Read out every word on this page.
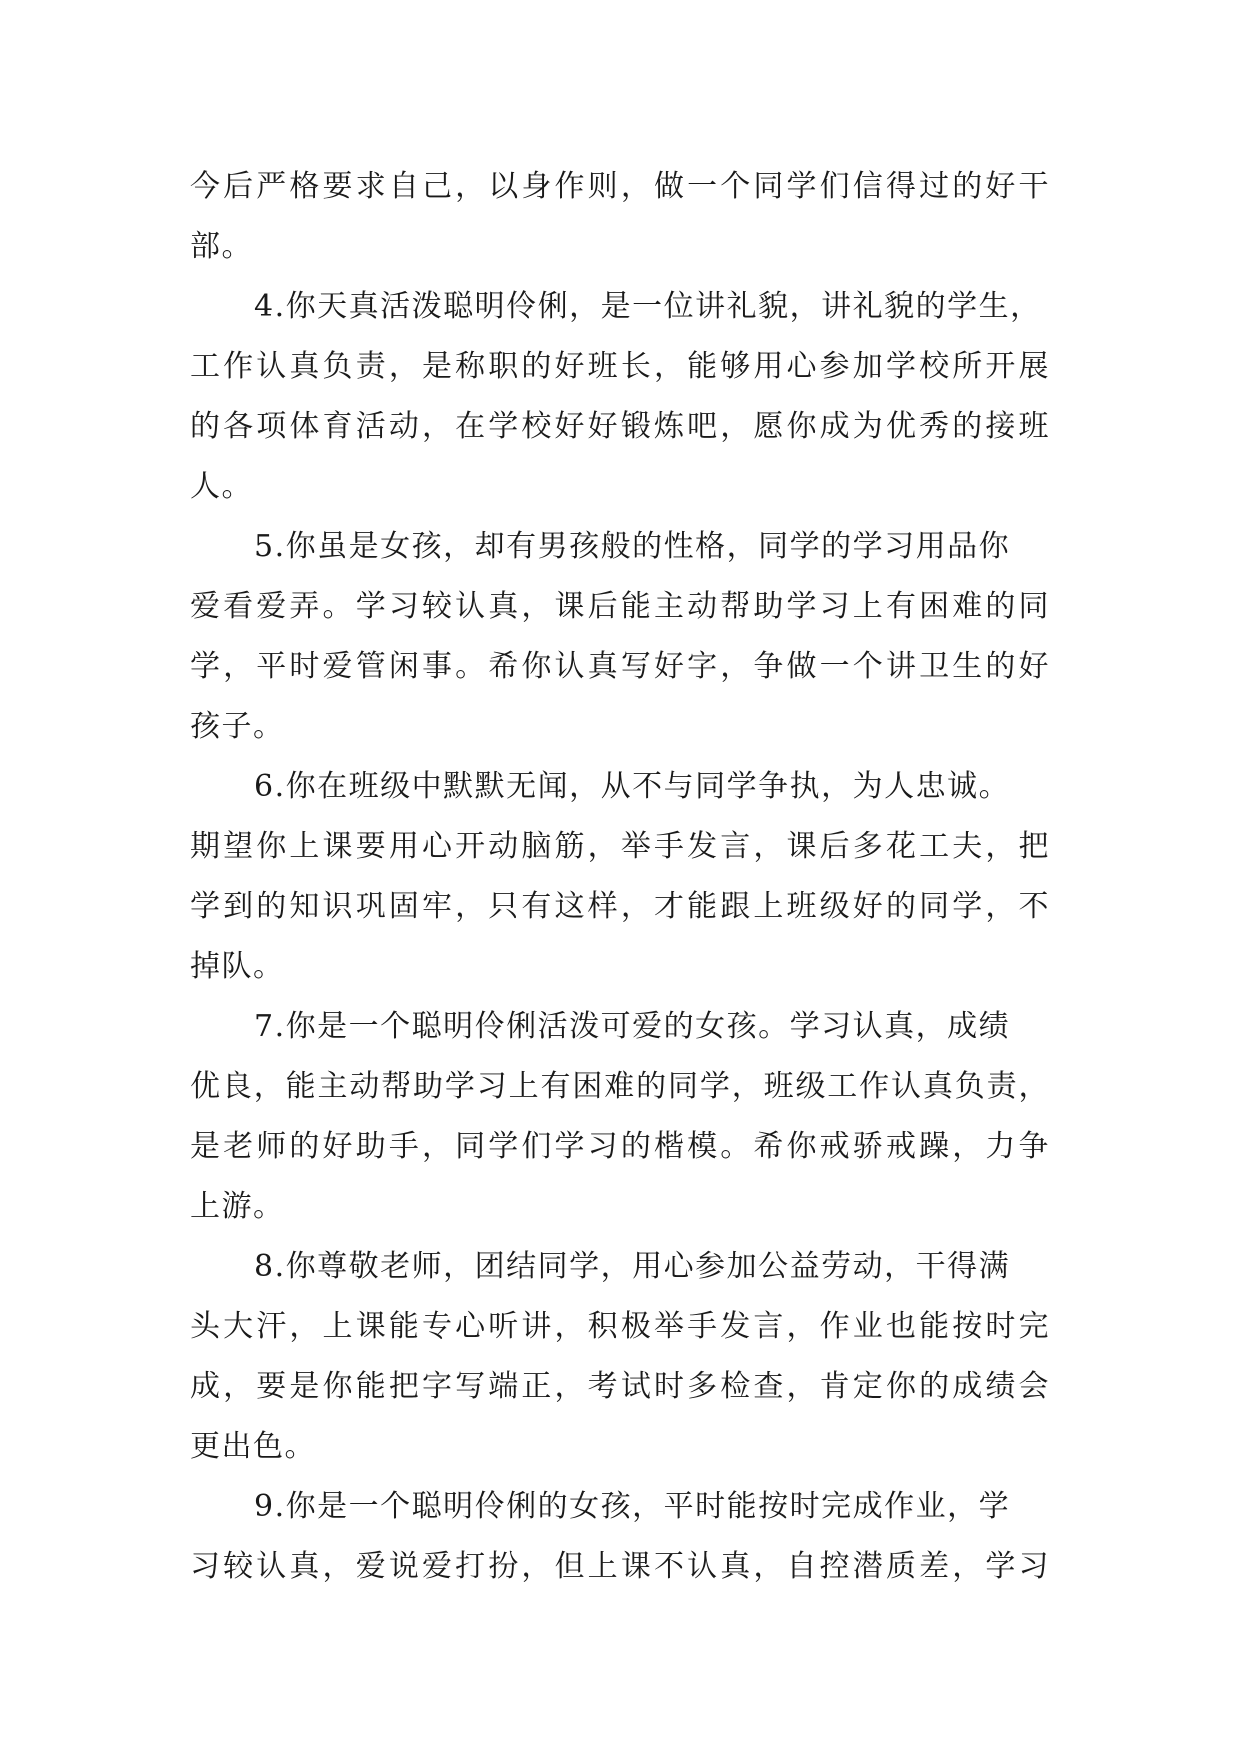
今后严格要求自己，以身作则，做一个同学们信得过的好干
部。
4.你天真活泼聪明伶俐，是一位讲礼貌，讲礼貌的学生，
工作认真负责，是称职的好班长，能够用心参加学校所开展
的各项体育活动，在学校好好锻炼吧，愿你成为优秀的接班
人。
5.你虽是女孩，却有男孩般的性格，同学的学习用品你
爱看爱弄。学习较认真，课后能主动帮助学习上有困难的同
学，平时爱管闲事。希你认真写好字，争做一个讲卫生的好
孩子。
6.你在班级中默默无闻，从不与同学争执，为人忠诚。
期望你上课要用心开动脑筋，举手发言，课后多花工夫，把
学到的知识巩固牢，只有这样，才能跟上班级好的同学，不
掉队。
7.你是一个聪明伶俐活泼可爱的女孩。学习认真，成绩
优良，能主动帮助学习上有困难的同学，班级工作认真负责，
是老师的好助手，同学们学习的楷模。希你戒骄戒躁，力争
上游。
8.你尊敬老师，团结同学，用心参加公益劳动，干得满
头大汗，上课能专心听讲，积极举手发言，作业也能按时完
成，要是你能把字写端正，考试时多检查，肯定你的成绩会
更出色。
9.你是一个聪明伶俐的女孩，平时能按时完成作业，学
习较认真，爱说爱打扮，但上课不认真，自控潜质差，学习
